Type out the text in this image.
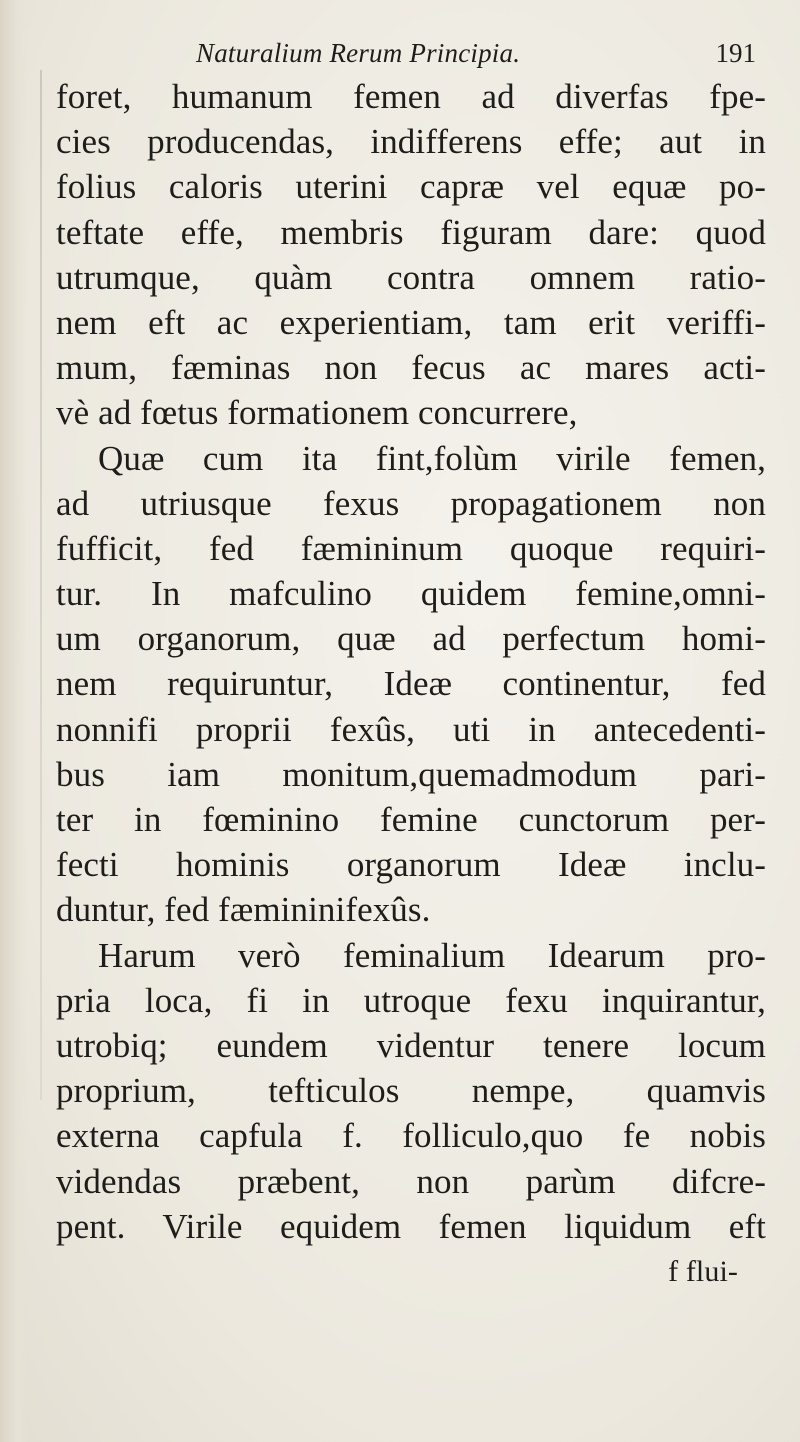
Naturalium Rerum Principia.	191
foret, humanum femen ad diverfas fpe-
cies producendas, indifferens effe; aut in
folius caloris uterini capræ vel equæ po-
teftate effe, membris figuram dare: quod
utrumque, quàm contra omnem ratio-
nem eft ac experientiam, tam erit veriffi-
mum, fæminas non fecus ac mares acti-
vè ad fœtus formationem concurrere,
Quæ cum ita fint,folùm virile femen,
ad utriusque fexus propagationem non
fufficit, fed fæmininum quoque requiri-
tur. In mafculino quidem femine,omni-
um organorum, quæ ad perfectum homi-
nem requiruntur, Ideæ continentur, fed
nonnifi proprii fexûs, uti in antecedenti-
bus iam monitum,quemadmodum pari-
ter in fœminino femine cunctorum per-
fecti hominis organorum Ideæ inclu-
duntur, fed fæmininifexûs.
Harum verò feminalium Idearum pro-
pria loca, fi in utroque fexu inquirantur,
utrobiq; eundem videntur tenere locum
proprium, tefticulos nempe, quamvis
externa capfula f. folliculo,quo fe nobis
videndas præbent, non parùm difcre-
pent. Virile equidem femen liquidum eft
f flui-
